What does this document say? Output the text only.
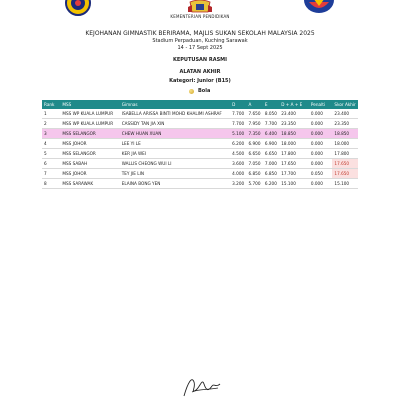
KEMENTERIAN PENDIDIKAN
KEJOHANAN GIMNASTIK BERIRAMA, MAJLIS SUKAN SEKOLAH MALAYSIA 2025
Stadium Perpaduan, Kuching Sarawak
14 - 17 Sept 2025
KEPUTUSAN RASMI
ALATAN AKHIR
Kategori: Junior (B15)
Bola
Rank	MSS	Gimnas	D	A	E	D + A + E	Penalti	Skor Akhir
1	MSS WP KUALA LUMPUR	ISABELLA ARISSA BINTI MOHD KHALIMI ASHRAF	7.700	7.650	8.050	23.400	0.000	23.400
2	MSS WP KUALA LUMPUR	CASSIDY TAN JIA XIN	7.700	7.950	7.700	23.350	0.000	23.350
3	MSS SELANGOR	CHEW HUAN XUAN	5.100	7.350	6.400	18.850	0.000	18.850
4	MSS JOHOR	LEE YI LE	6.200	6.900	6.900	18.000	0.000	18.000
5	MSS SELANGOR	KER JIA WEI	4.500	6.650	6.650	17.800	0.000	17.800
6	MSS SABAH	WALLIS CHEONG WUI LI	3.600	7.050	7.000	17.650	0.000	17.650
7	MSS JOHOR	TEY JIE LIN	4.000	6.850	6.850	17.700	0.050	17.650
8	MSS SARAWAK	ELAINA BONG YEN	3.200	5.700	6.200	15.100	0.000	15.100
